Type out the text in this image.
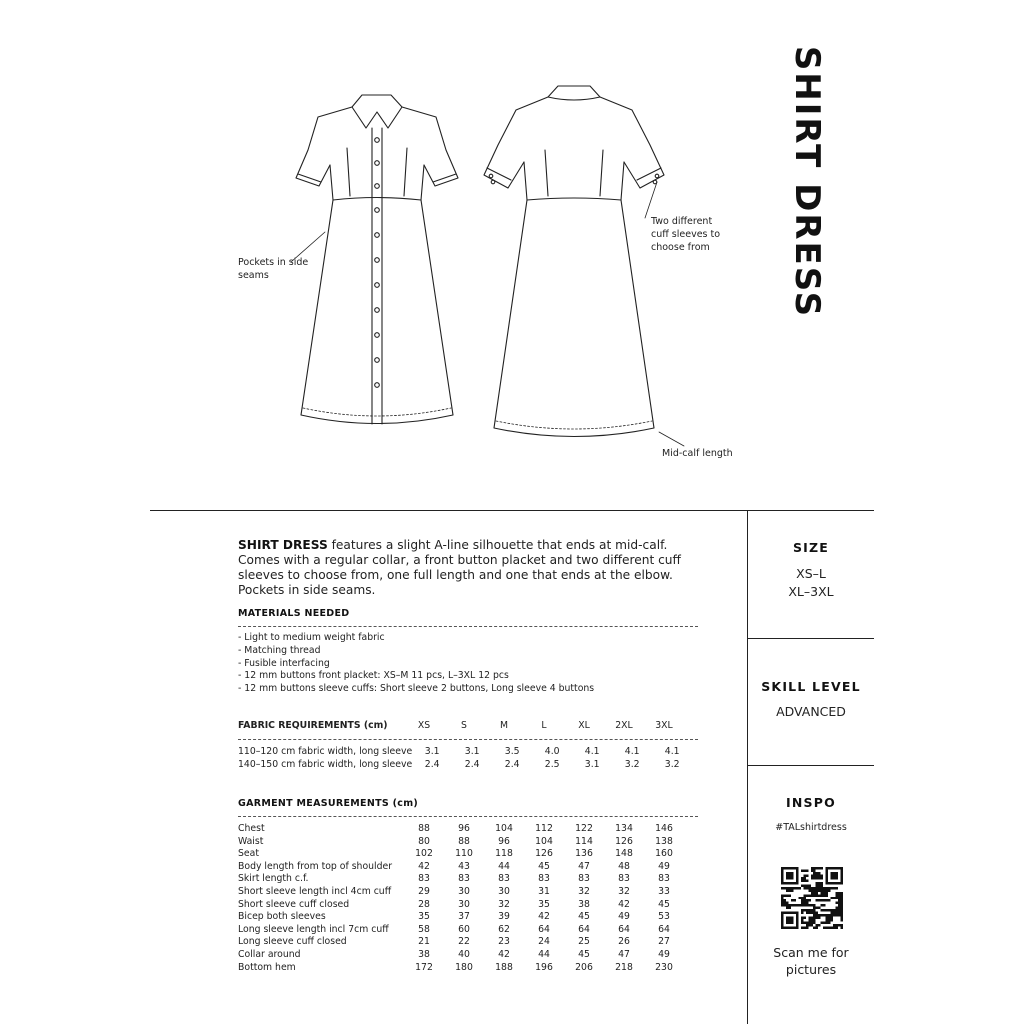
Pockets in side
seams
Two different
cuff sleeves to
choose from
Mid-calf length
SHIRT DRESS
SHIRT DRESS features a slight A-line silhouette that ends at mid-calf. Comes with a regular collar, a front button placket and two different cuff sleeves to choose from, one full length and one that ends at the elbow. Pockets in side seams.
MATERIALS NEEDED
- Light to medium weight fabric
- Matching thread
- Fusible interfacing
- 12 mm buttons front placket: XS–M 11 pcs, L–3XL 12 pcs
- 12 mm buttons sleeve cuffs: Short sleeve 2 buttons, Long sleeve 4 buttons
FABRIC REQUIREMENTS (cm)	XS	S	M	L	XL	2XL	3XL
110–120 cm fabric width, long sleeve	3.1	3.1	3.5	4.0	4.1	4.1	4.1
140–150 cm fabric width, long sleeve	2.4	2.4	2.4	2.5	3.1	3.2	3.2
GARMENT MEASUREMENTS (cm)
Chest	88	96	104	112	122	134	146
Waist	80	88	96	104	114	126	138
Seat	102	110	118	126	136	148	160
Body length from top of shoulder	42	43	44	45	47	48	49
Skirt length c.f.	83	83	83	83	83	83	83
Short sleeve length incl 4cm cuff	29	30	30	31	32	32	33
Short sleeve cuff closed	28	30	32	35	38	42	45
Bicep both sleeves	35	37	39	42	45	49	53
Long sleeve length incl 7cm cuff	58	60	62	64	64	64	64
Long sleeve cuff closed	21	22	23	24	25	26	27
Collar around	38	40	42	44	45	47	49
Bottom hem	172	180	188	196	206	218	230
SIZE
XS–L
XL–3XL
SKILL LEVEL
ADVANCED
INSPO
#TALshirtdress
Scan me for
pictures
